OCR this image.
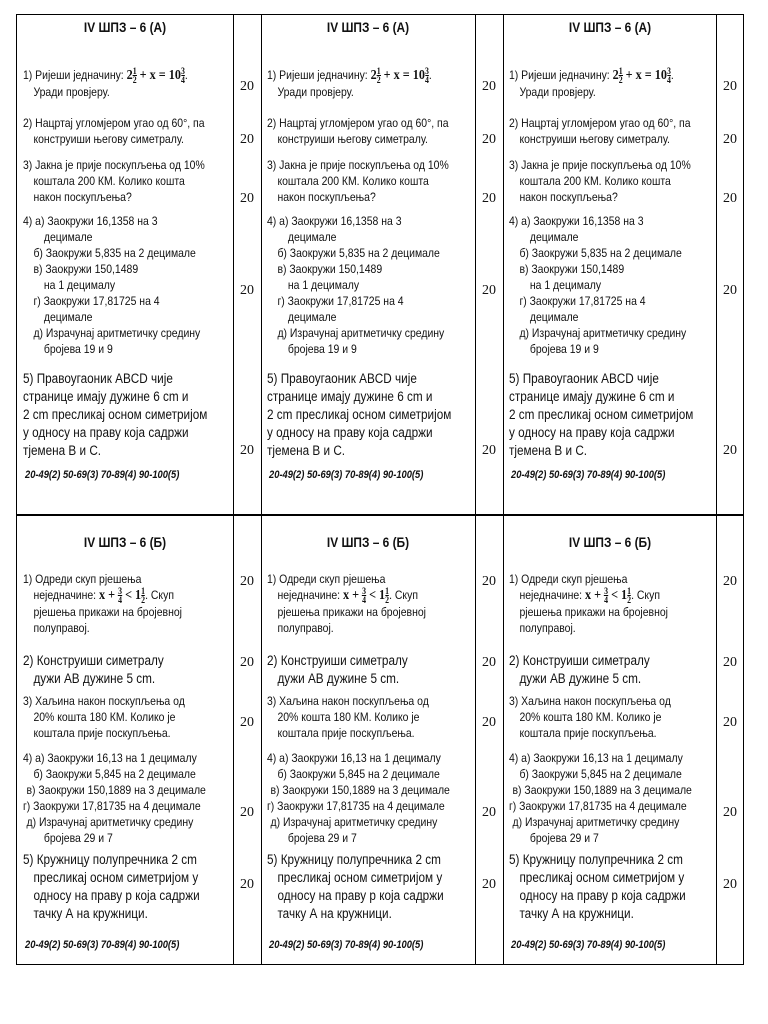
IV ШПЗ – 6 (А)
1) Ријеши једначину: $2 \frac{1}{2} + x = 10 \frac{3}{4}$ .
Уради провјеру.	20
2) Нацртај угломјером угао од 60°, па
конструиши његову симетралу.	20
3) Јакна је прије поскупљења од 10%
коштала 200 КМ. Колико кошта
након поскупљења?	20
4) а) Заокружи 16,1358 на 3
децимале
б) Заокружи 5,835 на 2 децимале
в) Заокружи 150,1489
на 1 децималу
г) Заокружи 17,81725 на 4
децимале
д) Израчунај аритметичку средину
бројева 19 и 9
20
5) Правоугаоник ABCD чије
странице имају дужине 6 cm и
2 cm пресликај осном симетријом
у односу на праву која садржи
тјемена В и С.	20
20-49(2) 50-69(3) 70-89(4) 90-100(5)
IV ШПЗ – 6 (А)
1) Ријеши једначину: $2 \frac{1}{2} + x = 10 \frac{3}{4}$ .
Уради провјеру.	20
2) Нацртај угломјером угао од 60°, па
конструиши његову симетралу.	20
3) Јакна је прије поскупљења од 10%
коштала 200 КМ. Колико кошта
након поскупљења?	20
4) а) Заокружи 16,1358 на 3
децимале
б) Заокружи 5,835 на 2 децимале
в) Заокружи 150,1489
на 1 децималу
г) Заокружи 17,81725 на 4
децимале
д) Израчунај аритметичку средину
бројева 19 и 9
20
5) Правоугаоник ABCD чије
странице имају дужине 6 cm и
2 cm пресликај осном симетријом
у односу на праву која садржи
тјемена В и С.	20
20-49(2) 50-69(3) 70-89(4) 90-100(5)
IV ШПЗ – 6 (А)
1) Ријеши једначину: $2 \frac{1}{2} + x = 10 \frac{3}{4}$ .
Уради провјеру.	20
2) Нацртај угломјером угао од 60°, па
конструиши његову симетралу.	20
3) Јакна је прије поскупљења од 10%
коштала 200 КМ. Колико кошта
након поскупљења?	20
4) а) Заокружи 16,1358 на 3
децимале
б) Заокружи 5,835 на 2 децимале
в) Заокружи 150,1489
на 1 децималу
г) Заокружи 17,81725 на 4
децимале
д) Израчунај аритметичку средину
бројева 19 и 9
20
5) Правоугаоник ABCD чије
странице имају дужине 6 cm и
2 cm пресликај осном симетријом
у односу на праву која садржи
тјемена В и С.	20
20-49(2) 50-69(3) 70-89(4) 90-100(5)
IV ШПЗ – 6 (Б)
1) Одреди скуп рјешења
неједначине: $x + \frac{3}{4} < 1 \frac{1}{2}$ . Скуп
рјешења прикажи на бројевној
полуправој.
20
2) Конструиши симетралу
дужи AB дужине 5 cm.
20
3) Хаљина након поскупљења од
20% кошта 180 КМ. Колико је
коштала прије поскупљења.
20
4) а) Заокружи 16,13 на 1 децималу
б) Заокружи 5,845 на 2 децимале
в) Заокружи 150,1889 на 3 децимале
г) Заокружи 17,81735 на 4 децимале
д) Израчунај аритметичку средину
бројева 29 и 7
20
5) Кружницу полупречника 2 cm
пресликај осном симетријом у
односу на праву p која садржи
тачку А на кружници.
20
20-49(2) 50-69(3) 70-89(4) 90-100(5)
IV ШПЗ – 6 (Б)
1) Одреди скуп рјешења
неједначине: $x + \frac{3}{4} < 1 \frac{1}{2}$ . Скуп
рјешења прикажи на бројевној
полуправој.
20
2) Конструиши симетралу
дужи AB дужине 5 cm.
20
3) Хаљина након поскупљења од
20% кошта 180 КМ. Колико је
коштала прије поскупљења.
20
4) а) Заокружи 16,13 на 1 децималу
б) Заокружи 5,845 на 2 децимале
в) Заокружи 150,1889 на 3 децимале
г) Заокружи 17,81735 на 4 децимале
д) Израчунај аритметичку средину
бројева 29 и 7
20
5) Кружницу полупречника 2 cm
пресликај осном симетријом у
односу на праву p која садржи
тачку А на кружници.
20
20-49(2) 50-69(3) 70-89(4) 90-100(5)
IV ШПЗ – 6 (Б)
1) Одреди скуп рјешења
неједначине: $x + \frac{3}{4} < 1 \frac{1}{2}$ . Скуп
рјешења прикажи на бројевној
полуправој.
20
2) Конструиши симетралу
дужи AB дужине 5 cm.
20
3) Хаљина након поскупљења од
20% кошта 180 КМ. Колико је
коштала прије поскупљења.
20
4) а) Заокружи 16,13 на 1 децималу
б) Заокружи 5,845 на 2 децимале
в) Заокружи 150,1889 на 3 децимале
г) Заокружи 17,81735 на 4 децимале
д) Израчунај аритметичку средину
бројева 29 и 7
20
5) Кружницу полупречника 2 cm
пресликај осном симетријом у
односу на праву p која садржи
тачку А на кружници.
20
20-49(2) 50-69(3) 70-89(4) 90-100(5)
